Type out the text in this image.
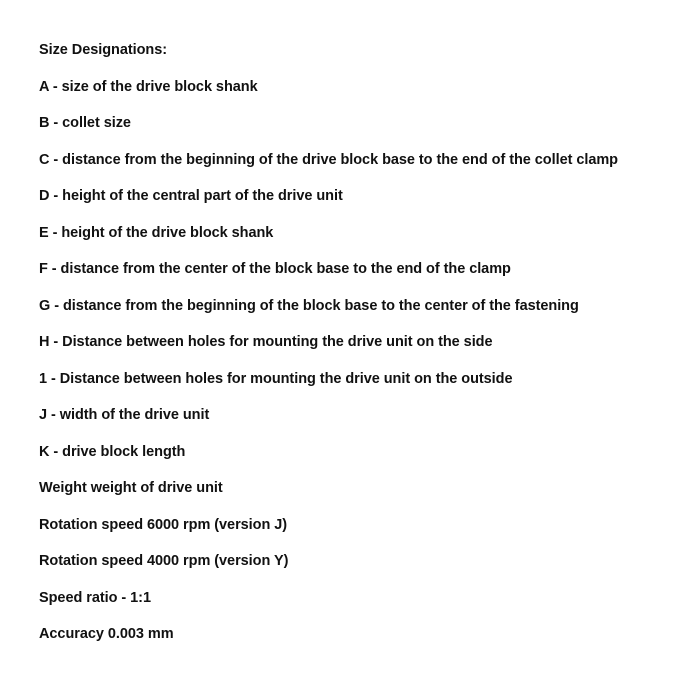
Size Designations:
A - size of the drive block shank
B - collet size
C - distance from the beginning of the drive block base to the end of the collet clamp
D - height of the central part of the drive unit
E - height of the drive block shank
F - distance from the center of the block base to the end of the clamp
G - distance from the beginning of the block base to the center of the fastening
H - Distance between holes for mounting the drive unit on the side
1 - Distance between holes for mounting the drive unit on the outside
J - width of the drive unit
K - drive block length
Weight weight of drive unit
Rotation speed 6000 rpm (version J)
Rotation speed 4000 rpm (version Y)
Speed ratio - 1:1
Accuracy 0.003 mm
